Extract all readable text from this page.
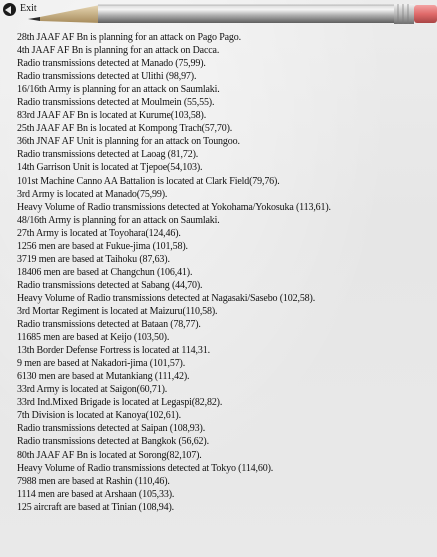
Exit
28th JAAF AF Bn is planning for an attack on Pago Pago.
4th JAAF AF Bn is planning for an attack on Dacca.
Radio transmissions detected at Manado (75,99).
Radio transmissions detected at Ulithi (98,97).
16/16th Army is planning for an attack on Saumlaki.
Radio transmissions detected at Moulmein (55,55).
83rd JAAF AF Bn is located at Kurume(103,58).
25th JAAF AF Bn is located at Kompong Trach(57,70).
36th JNAF AF Unit is planning for an attack on Toungoo.
Radio transmissions detected at Laoag (81,72).
14th Garrison Unit is located at Tjepoe(54,103).
101st Machine Canno AA Battalion is located at Clark Field(79,76).
3rd Army is located at Manado(75,99).
Heavy Volume of Radio transmissions detected at Yokohama/Yokosuka (113,61).
48/16th Army is planning for an attack on Saumlaki.
27th Army is located at Toyohara(124,46).
1256 men are based at Fukue-jima (101,58).
3719 men are based at Taihoku (87,63).
18406 men are based at Changchun (106,41).
Radio transmissions detected at Sabang (44,70).
Heavy Volume of Radio transmissions detected at Nagasaki/Sasebo (102,58).
3rd Mortar Regiment is located at Maizuru(110,58).
Radio transmissions detected at Bataan (78,77).
11685 men are based at Keijo (103,50).
13th Border Defense Fortress is located at 114,31.
9 men are based at Nakadori-jima (101,57).
6130 men are based at Mutankiang (111,42).
33rd Army is located at Saigon(60,71).
33rd Ind.Mixed Brigade is located at Legaspi(82,82).
7th Division is located at Kanoya(102,61).
Radio transmissions detected at Saipan (108,93).
Radio transmissions detected at Bangkok (56,62).
80th JAAF AF Bn is located at Sorong(82,107).
Heavy Volume of Radio transmissions detected at Tokyo (114,60).
7988 men are based at Rashin (110,46).
1114 men are based at Arshaan (105,33).
125 aircraft are based at Tinian (108,94).
